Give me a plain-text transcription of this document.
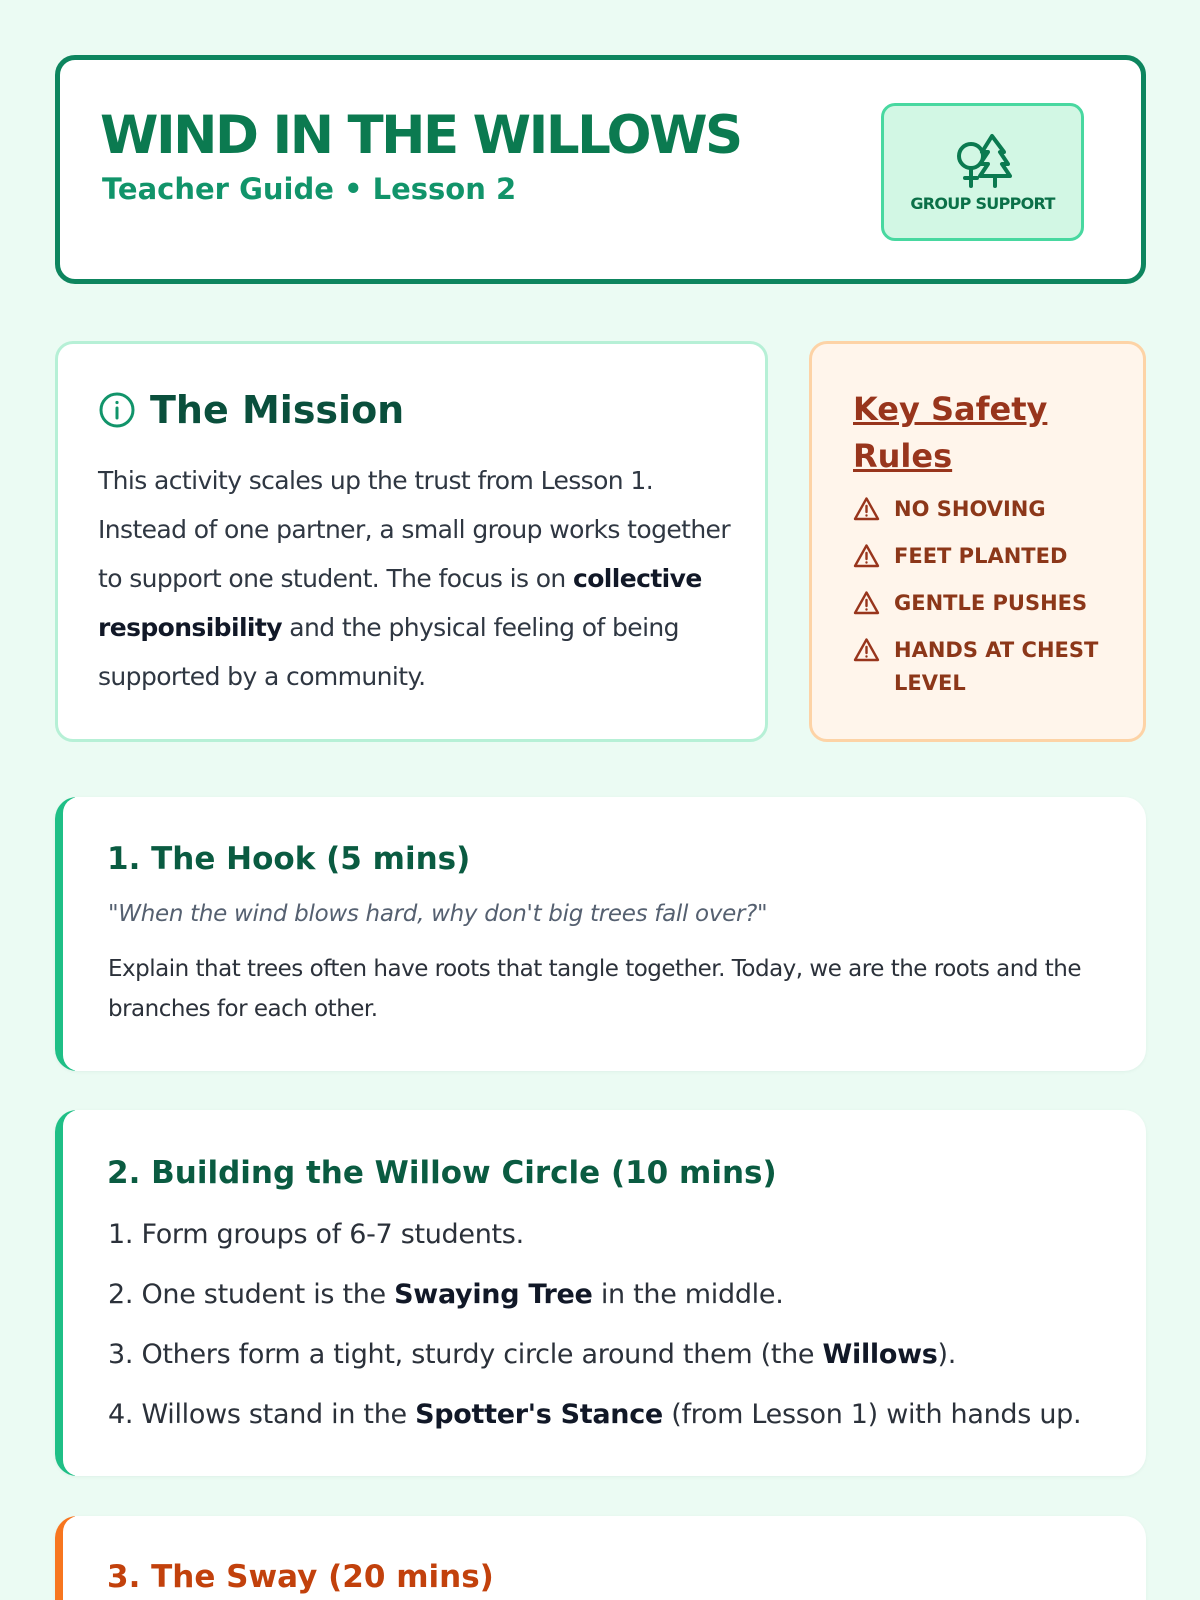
WIND IN THE WILLOWS
Teacher Guide • Lesson 2	GROUP SUPPORT
The Mission

This activity scales up the trust from Lesson 1. Instead of one partner, a small group works together to support one student. The focus is on collective responsibility and the physical feeling of being supported by a community.

Key Safety Rules
NO SHOVING
FEET PLANTED
GENTLE PUSHES
HANDS AT CHEST LEVEL
1. The Hook (5 mins)
"When the wind blows hard, why don't big trees fall over?"

Explain that trees often have roots that tangle together. Today, we are the roots and the branches for each other.

2. Building the Willow Circle (10 mins)
1. Form groups of 6-7 students.
2. One student is the Swaying Tree in the middle.
3. Others form a tight, sturdy circle around them (the Willows).
4. Willows stand in the Spotter's Stance (from Lesson 1) with hands up.
3. The Sway (20 mins)
